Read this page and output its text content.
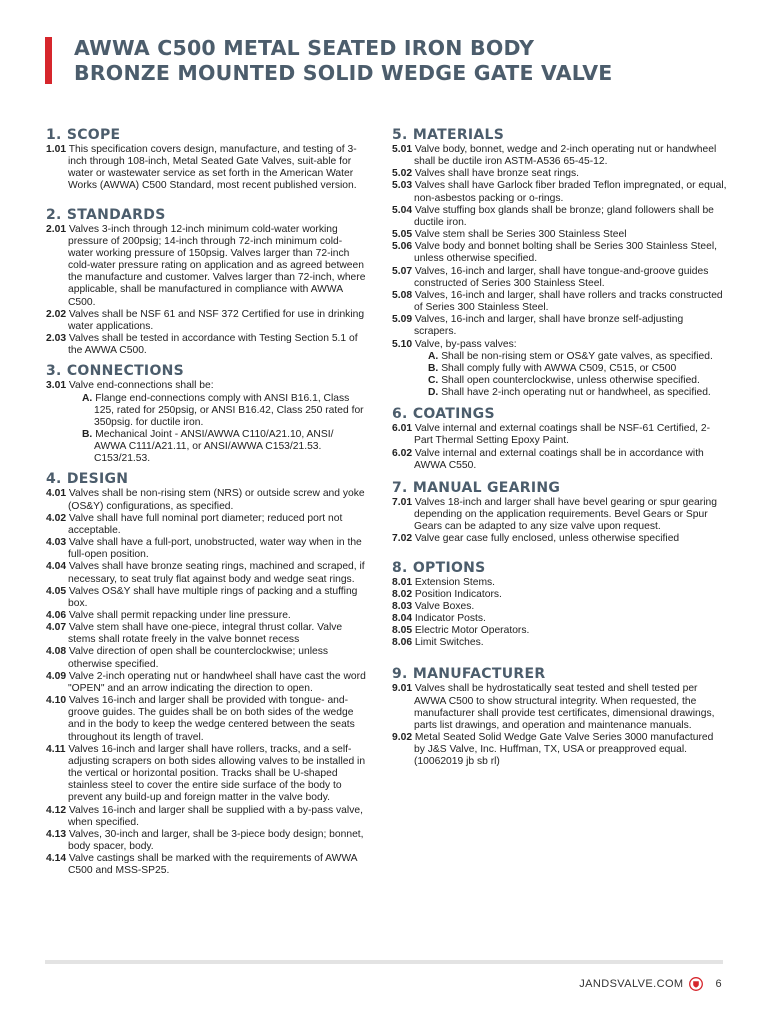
AWWA C500 METAL SEATED IRON BODY
BRONZE MOUNTED SOLID WEDGE GATE VALVE
1. SCOPE

1.01 This specification covers design, manufacture, and testing of 3-inch through 108-inch, Metal Seated Gate Valves, suit-able for water or wastewater service as set forth in the American Water Works (AWWA) C500 Standard, most recent published version.

2. STANDARDS

2.01 Valves 3-inch through 12-inch minimum cold-water working pressure of 200psig; 14-inch through 72-inch minimum cold-water working pressure of 150psig. Valves larger than 72-inch cold-water pressure rating on application and as agreed between the manufacture and customer. Valves larger than 72-inch, where applicable, shall be manufactured in compliance with AWWA C500.

2.02 Valves shall be NSF 61 and NSF 372 Certified for use in drinking water applications.

2.03 Valves shall be tested in accordance with Testing Section 5.1 of the AWWA C500.

3. CONNECTIONS

3.01 Valve end-connections shall be:

A. Flange end-connections comply with ANSI B16.1, Class 125, rated for 250psig, or ANSI B16.42, Class 250 rated for 350psig. for ductile iron.

B. Mechanical Joint - ANSI/AWWA C110/A21.10, ANSI/ AWWA C111/A21.11, or ANSI/AWWA C153/21.53. C153/21.53.

4. DESIGN

4.01 Valves shall be non-rising stem (NRS) or outside screw and yoke (OS&Y) configurations, as specified.

4.02 Valve shall have full nominal port diameter; reduced port not acceptable.

4.03 Valve shall have a full-port, unobstructed, water way when in the full-open position.

4.04 Valves shall have bronze seating rings, machined and scraped, if necessary, to seat truly flat against body and wedge seat rings.

4.05 Valves OS&Y shall have multiple rings of packing and a stuffing box.

4.06 Valve shall permit repacking under line pressure.

4.07 Valve stem shall have one-piece, integral thrust collar. Valve stems shall rotate freely in the valve bonnet recess

4.08 Valve direction of open shall be counterclockwise; unless otherwise specified.

4.09 Valve 2-inch operating nut or handwheel shall have cast the word "OPEN" and an arrow indicating the direction to open.

4.10 Valves 16-inch and larger shall be provided with tongue- and-groove guides. The guides shall be on both sides of the wedge and in the body to keep the wedge centered between the seats throughout its length of travel.

4.11 Valves 16-inch and larger shall have rollers, tracks, and a self-adjusting scrapers on both sides allowing valves to be installed in the vertical or horizontal position. Tracks shall be U-shaped stainless steel to cover the entire side surface of the body to prevent any build-up and foreign matter in the valve body.

4.12 Valves 16-inch and larger shall be supplied with a by-pass valve, when specified.

4.13 Valves, 30-inch and larger, shall be 3-piece body design; bonnet, body spacer, body.

4.14 Valve castings shall be marked with the requirements of AWWA C500 and MSS-SP25.

5. MATERIALS

5.01 Valve body, bonnet, wedge and 2-inch operating nut or handwheel shall be ductile iron ASTM-A536 65-45-12.

5.02 Valves shall have bronze seat rings.

5.03 Valves shall have Garlock fiber braded Teflon impregnated, or equal, non-asbestos packing or o-rings.

5.04 Valve stuffing box glands shall be bronze; gland followers shall be ductile iron.

5.05 Valve stem shall be Series 300 Stainless Steel

5.06 Valve body and bonnet bolting shall be Series 300 Stainless Steel, unless otherwise specified.

5.07 Valves, 16-inch and larger, shall have tongue-and-groove guides constructed of Series 300 Stainless Steel.

5.08 Valves, 16-inch and larger, shall have rollers and tracks constructed of Series 300 Stainless Steel.

5.09 Valves, 16-inch and larger, shall have bronze self-adjusting scrapers.

5.10 Valve, by-pass valves:

A. Shall be non-rising stem or OS&Y gate valves, as specified.

B. Shall comply fully with AWWA C509, C515, or C500

C. Shall open counterclockwise, unless otherwise specified.

D. Shall have 2-inch operating nut or handwheel, as specified.

6. COATINGS

6.01 Valve internal and external coatings shall be NSF-61 Certified, 2-Part Thermal Setting Epoxy Paint.

6.02 Valve internal and external coatings shall be in accordance with AWWA C550.

7. MANUAL GEARING

7.01 Valves 18-inch and larger shall have bevel gearing or spur gearing depending on the application requirements. Bevel Gears or Spur Gears can be adapted to any size valve upon request.

7.02 Valve gear case fully enclosed, unless otherwise specified

8. OPTIONS

8.01 Extension Stems.

8.02 Position Indicators.

8.03 Valve Boxes.

8.04 Indicator Posts.

8.05 Electric Motor Operators.

8.06 Limit Switches.

9. MANUFACTURER

9.01 Valves shall be hydrostatically seat tested and shell tested per AWWA C500 to show structural integrity. When requested, the manufacturer shall provide test certificates, dimensional drawings, parts list drawings, and operation and maintenance manuals.

9.02 Metal Seated Solid Wedge Gate Valve Series 3000 manufactured by J&S Valve, Inc. Huffman, TX, USA or preapproved equal. (10062019 jb sb rl)

JANDSVALVE.COM	6
